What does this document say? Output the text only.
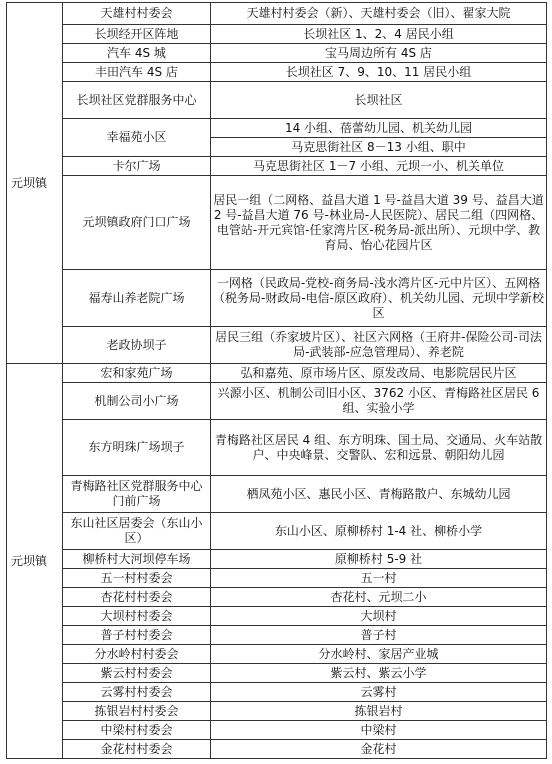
元坝镇	天雄村村委会	天雄村村委会（新）、天雄村委会（旧）、翟家大院
	长坝经开区阵地	长坝社区 1、2、4 居民小组
	汽车 4S 城	宝马周边所有 4S 店
	丰田汽车 4S 店	长坝社区 7、9、10、11 居民小组
	长坝社区党群服务中心	长坝社区
	幸福苑小区	14 小组、蓓蕾幼儿园、机关幼儿园
		马克思街社区 8－13 小组、职中
	卡尔广场	马克思街社区 1－7 小组、元坝一小、机关单位
	元坝镇政府门口广场	居民一组（二网格、益昌大道 1 号-益昌大道 39 号、益昌大道 2 号-益昌大道 76 号-林业局-人民医院）、居民二组（四网格、电管站-开元宾馆-任家湾片区-税务局-派出所）、元坝中学、教育局、怡心花园片区
	福寿山养老院广场	一网格（民政局-党校-商务局-浅水湾片区-元中片区）、五网格（税务局-财政局-电信-原区政府）、机关幼儿园、元坝中学新校区
	老政协坝子	居民三组（乔家坡片区）、社区六网格（王府井-保险公司-司法局-武装部-应急管理局）、养老院
元坝镇	宏和家苑广场	弘和嘉苑、原市场片区、原发改局、电影院居民片区
	机制公司小广场	兴源小区、机制公司旧小区、3762 小区、青梅路社区居民 6 组、实验小学
	东方明珠广场坝子	青梅路社区居民 4 组、东方明珠、国土局、交通局、火车站散户、中央峰景、交警队、宏和远景、朝阳幼儿园
	青梅路社区党群服务中心门前广场	栖凤苑小区、惠民小区、青梅路散户、东城幼儿园
	东山社区居委会（东山小区）	东山小区、原柳桥村 1-4 社、柳桥小学
	柳桥村大河坝停车场	原柳桥村 5-9 社
	五一村村委会	五一村
	杏花村村委会	杏花村、元坝二小
	大坝村村委会	大坝村
	普子村村委会	普子村
	分水岭村村委会	分水岭村、家居产业城
	紫云村村委会	紫云村、紫云小学
	云雾村村委会	云雾村
	拣银岩村村委会	拣银岩村
	中梁村村委会	中梁村
	金花村村委会	金花村
